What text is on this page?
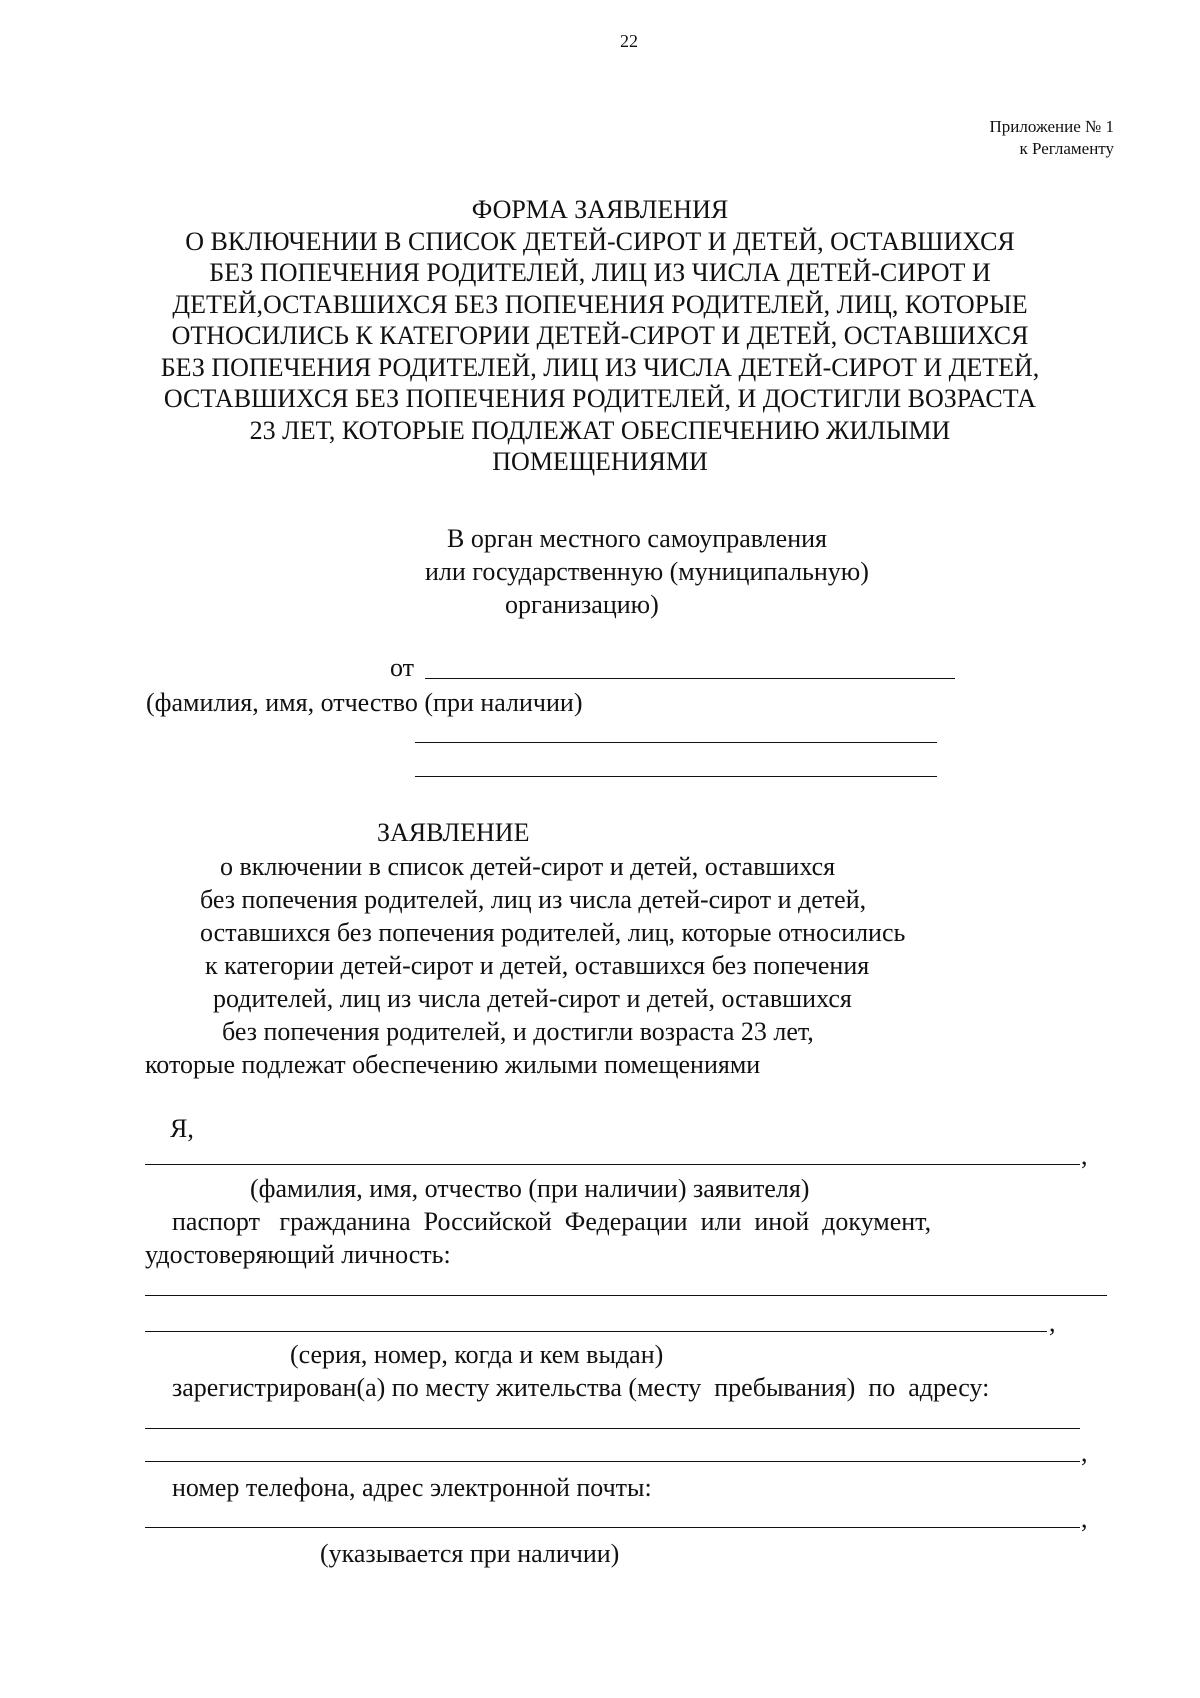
22
Приложение № 1
к Регламенту
ФОРМА ЗАЯВЛЕНИЯ
О ВКЛЮЧЕНИИ В СПИСОК ДЕТЕЙ-СИРОТ И ДЕТЕЙ, ОСТАВШИХСЯ
БЕЗ ПОПЕЧЕНИЯ РОДИТЕЛЕЙ, ЛИЦ ИЗ ЧИСЛА ДЕТЕЙ-СИРОТ И
ДЕТЕЙ,ОСТАВШИХСЯ БЕЗ ПОПЕЧЕНИЯ РОДИТЕЛЕЙ, ЛИЦ, КОТОРЫЕ
ОТНОСИЛИСЬ К КАТЕГОРИИ ДЕТЕЙ-СИРОТ И ДЕТЕЙ, ОСТАВШИХСЯ
БЕЗ ПОПЕЧЕНИЯ РОДИТЕЛЕЙ, ЛИЦ ИЗ ЧИСЛА ДЕТЕЙ-СИРОТ И ДЕТЕЙ,
ОСТАВШИХСЯ БЕЗ ПОПЕЧЕНИЯ РОДИТЕЛЕЙ, И ДОСТИГЛИ ВОЗРАСТА
23 ЛЕТ, КОТОРЫЕ ПОДЛЕЖАТ ОБЕСПЕЧЕНИЮ ЖИЛЫМИ
ПОМЕЩЕНИЯМИ
В орган местного самоуправления
или государственную (муниципальную)
организацию)
от
(фамилия, имя, отчество (при наличии)
ЗАЯВЛЕНИЕ
о включении в список детей-сирот и детей, оставшихся
без попечения родителей, лиц из числа детей-сирот и детей,
оставшихся без попечения родителей, лиц, которые относились
к категории детей-сирот и детей, оставшихся без попечения
родителей, лиц из числа детей-сирот и детей, оставшихся
без попечения родителей, и достигли возраста 23 лет,
которые подлежат обеспечению жилыми помещениями
Я,
,
(фамилия, имя, отчество (при наличии) заявителя)
паспорт   гражданина  Российской  Федерации  или  иной  документ,
удостоверяющий личность:
,
(серия, номер, когда и кем выдан)
зарегистрирован(а) по месту жительства (месту  пребывания)  по  адресу:
,
номер телефона, адрес электронной почты:
,
(указывается при наличии)
